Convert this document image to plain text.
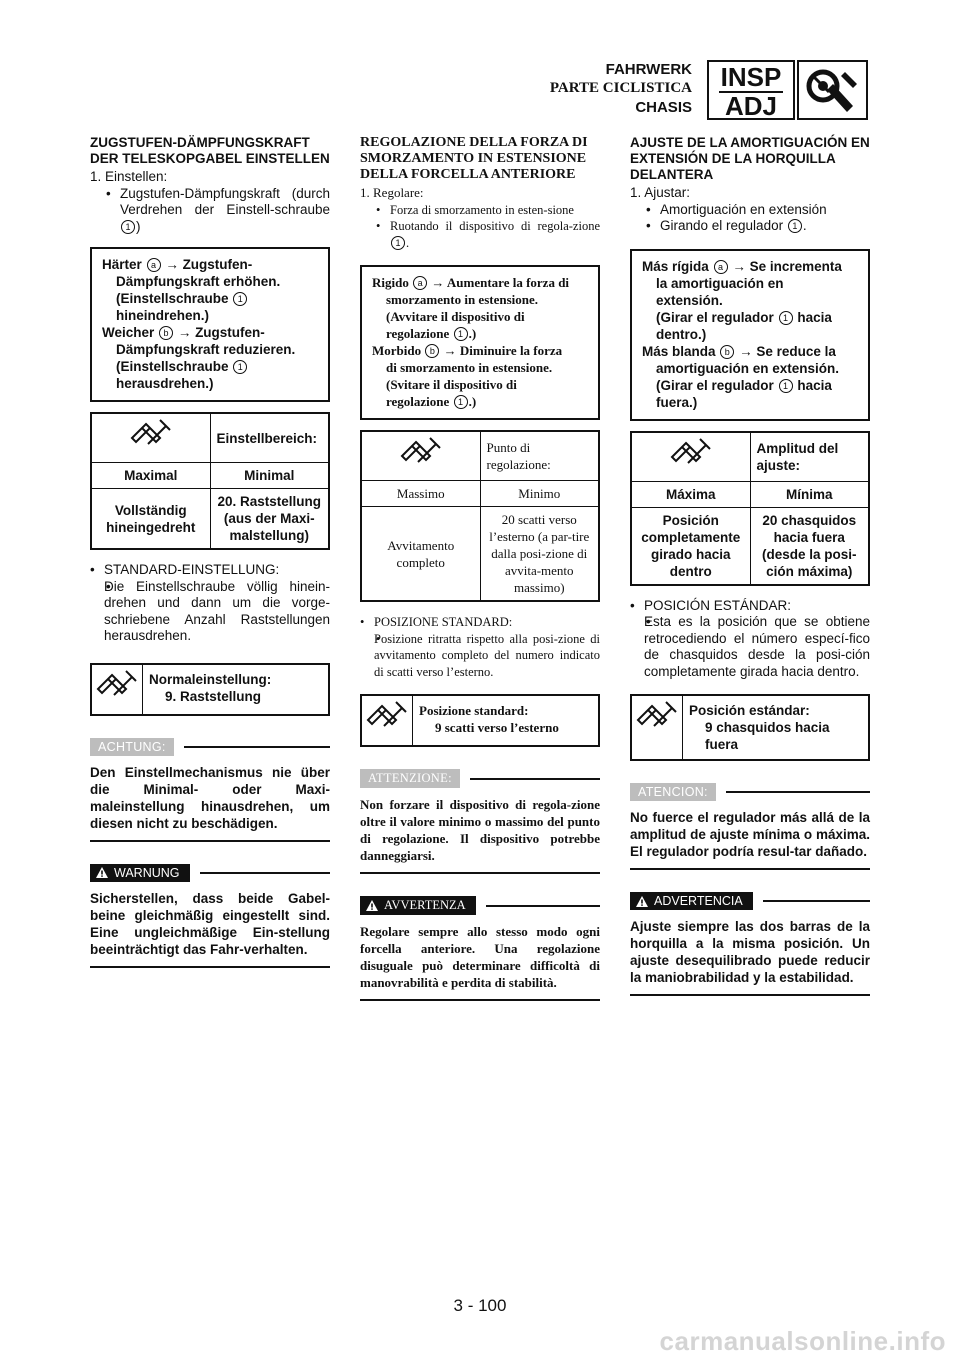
FAHRWERK
PARTE CICLISTICA
CHASIS
INSP
ADJ
ZUGSTUFEN-DÄMPFUNGSKRAFT DER TELESKOPGABEL EINSTELLEN
1. Einstellen:
• Zugstufen-Dämpfungskraft (durch Verdrehen der Einstell-schraube 1 )
Härter a → Zugstufen-
Dämpfungskraft erhöhen.
(Einstellschraube 1
hineindrehen.)
Weicher b → Zugstufen-
Dämpfungskraft reduzieren.
(Einstellschraube 1
herausdrehen.)
	Einstellbereich:
Maximal	Minimal
Vollständig hineingedreht	20. Raststellung (aus der Maxi-malstellung)
• STANDARD-EINSTELLUNG:
• Die Einstellschraube völlig hinein-drehen und dann um die vorge-schriebene Anzahl Raststellungen herausdrehen.
Normaleinstellung:
9. Raststellung
ACHTUNG:
Den Einstellmechanismus nie über die Minimal- oder Maxi-maleinstellung hinausdrehen, um diesen nicht zu beschädigen.
WARNUNG
Sicherstellen, dass beide Gabel-beine gleichmäßig eingestellt sind. Eine ungleichmäßige Ein-stellung beeinträchtigt das Fahr-verhalten.
REGOLAZIONE DELLA FORZA DI SMORZAMENTO IN ESTENSIONE DELLA FORCELLA ANTERIORE
1. Regolare:
• Forza di smorzamento in esten-sione
• Ruotando il dispositivo di regola-zione 1 .
Rigido a → Aumentare la forza di
smorzamento in estensione.
(Avvitare il dispositivo di
regolazione 1 .)
Morbido b → Diminuire la forza
di smorzamento in estensione.
(Svitare il dispositivo di
regolazione 1 .)
	Punto di regolazione:
Massimo	Minimo
Avvitamento completo	20 scatti verso l’esterno (a par-tire dalla posi-zione di avvita-mento massimo)
• POSIZIONE STANDARD:
• Posizione ritratta rispetto alla posi-zione di avvitamento completo del numero indicato di scatti verso l’esterno.
Posizione standard:
9 scatti verso l’esterno
ATTENZIONE:
Non forzare il dispositivo di regola-zione oltre il valore minimo o massimo del punto di regolazione. Il dispositivo potrebbe danneggiarsi.
AVVERTENZA
Regolare sempre allo stesso modo ogni forcella anteriore. Una regolazione disuguale può determinare difficoltà di manovrabilità e perdita di stabilità.
AJUSTE DE LA AMORTIGUACIÓN EN EXTENSIÓN DE LA HORQUILLA DELANTERA
1. Ajustar:
• Amortiguación en extensión
• Girando el regulador 1 .
Más rígida a → Se incrementa
la amortiguación en
extensión.
(Girar el regulador 1 hacia
dentro.)
Más blanda b → Se reduce la
amortiguación en extensión.
(Girar el regulador 1 hacia
fuera.)
	Amplitud del ajuste:
Máxima	Mínima
Posición completamente girado hacia dentro	20 chasquidos hacia fuera (desde la posi-ción máxima)
• POSICIÓN ESTÁNDAR:
• Esta es la posición que se obtiene retrocediendo el número especí-fico de chasquidos desde la posi-ción completamente girada hacia dentro.
Posición estándar:
9 chasquidos hacia fuera
ATENCION:
No fuerce el regulador más allá de la amplitud de ajuste mínima o máxima. El regulador podría resul-tar dañado.
ADVERTENCIA
Ajuste siempre las dos barras de la horquilla a la misma posición. Un ajuste desequilibrado puede reducir la maniobrabilidad y la estabilidad.
3 - 100
carmanualsonline.info
